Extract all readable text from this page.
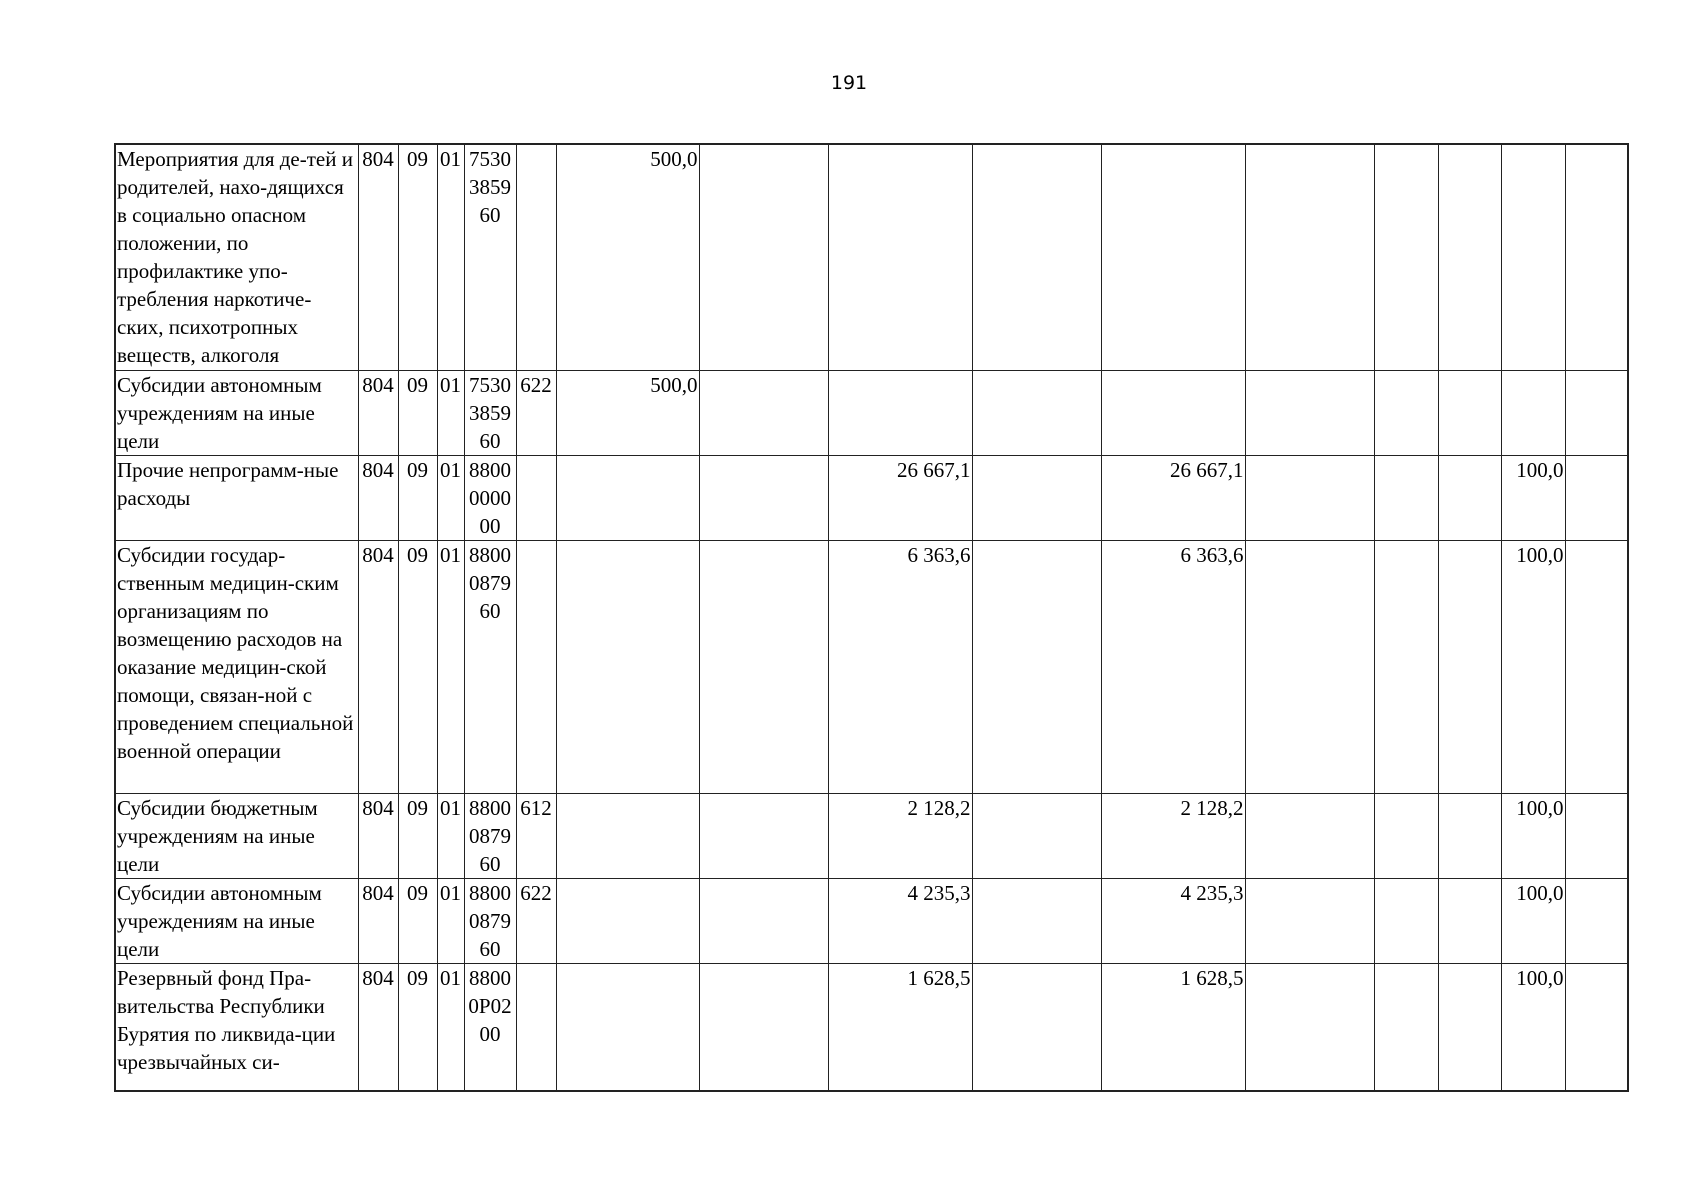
191
Мероприятия для де-тей и родителей, нахо-дящихся в социально опасном положении, по профилактике упо-требления наркотиче-ских, психотропных веществ, алкоголя	804	09	01	7530385960		500,0									
Субсидии автономным учреждениям на иные цели	804	09	01	7530385960	622	500,0									
Прочие непрограмм-ные расходы	804	09	01	8800000000				26 667,1		26 667,1				100,0	
Субсидии государ-ственным медицин-ским организациям по возмещению расходов на оказание медицин-ской помощи, связан-ной с проведением специальной военной операции	804	09	01	8800087960				6 363,6		6 363,6				100,0	
Субсидии бюджетным учреждениям на иные цели	804	09	01	8800087960	612			2 128,2		2 128,2				100,0	
Субсидии автономным учреждениям на иные цели	804	09	01	8800087960	622			4 235,3		4 235,3				100,0	
Резервный фонд Пра-вительства Республики Бурятия по ликвида-ции чрезвычайных си-	804	09	01	88000P0200				1 628,5		1 628,5				100,0	
